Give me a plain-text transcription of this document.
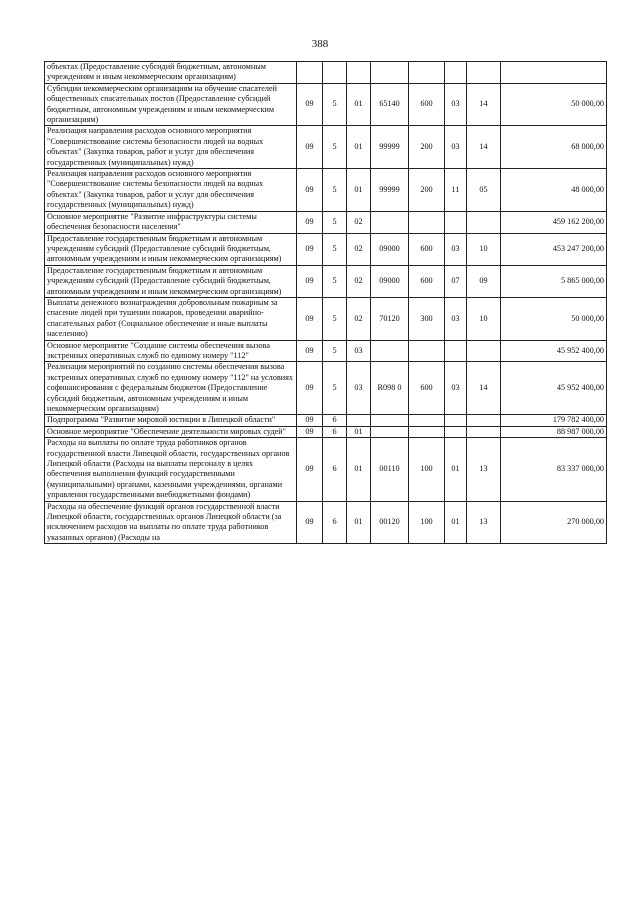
388
объектах (Предоставление субсидий бюджетным, автономным учреждениям и иным некоммерческим организациям)								
Субсидии некоммерческим организациям на обучение спасателей общественных спасательных постов (Предоставление субсидий бюджетным, автономным учреждениям и иным некоммерческим организациям)	09	5	01	65140	600	03	14	50 000,00
Реализация направления расходов основного мероприятия "Совершенствование системы безопасности людей на водных объектах" (Закупка товаров, работ и услуг для обеспечения государственных (муниципальных) нужд)	09	5	01	99999	200	03	14	68 000,00
Реализация направления расходов основного мероприятия "Совершенствование системы безопасности людей на водных объектах" (Закупка товаров, работ и услуг для обеспечения государственных (муниципальных) нужд)	09	5	01	99999	200	11	05	48 000,00
Основное мероприятие "Развитие инфраструктуры системы обеспечения безопасности населения"	09	5	02					459 162 200,00
Предоставление государственным бюджетным и автономным учреждениям субсидий (Предоставление субсидий бюджетным, автономным учреждениям и иным некоммерческим организациям)	09	5	02	09000	600	03	10	453 247 200,00
Предоставление государственным бюджетным и автономным учреждениям субсидий (Предоставление субсидий бюджетным, автономным учреждениям и иным некоммерческим организациям)	09	5	02	09000	600	07	09	5 865 000,00
Выплаты денежного вознаграждения добровольным пожарным за спасение людей при тушении пожаров, проведении аварийно-спасательных работ (Социальное обеспечение и иные выплаты населению)	09	5	02	70120	300	03	10	50 000,00
Основное мероприятие "Создание системы обеспечения вызова экстренных оперативных служб по единому номеру "112"	09	5	03					45 952 400,00
Реализация мероприятий по созданию системы обеспечения вызова экстренных оперативных служб по единому номеру "112" на условиях софинансирования с федеральным бюджетом (Предоставление субсидий бюджетным, автономным учреждениям и иным некоммерческим организациям)	09	5	03	R098 0	600	03	14	45 952 400,00
Подпрограмма "Развитие мировой юстиции в Липецкой области"	09	6						179 782 400,00
Основное мероприятие "Обеспечение деятельности мировых судей"	09	6	01					88 987 000,00
Расходы на выплаты по оплате труда работников органов государственной власти Липецкой области, государственных органов Липецкой области (Расходы на выплаты персоналу в целях обеспечения выполнения функций государственными (муниципальными) органами, казенными учреждениями, органами управления государственными внебюджетными фондами)	09	6	01	00110	100	01	13	83 337 000,00
Расходы на обеспечение функций органов государственной власти Липецкой области, государственных органов Липецкой области (за исключением расходов на выплаты по оплате труда работников указанных органов) (Расходы на	09	6	01	00120	100	01	13	270 000,00
